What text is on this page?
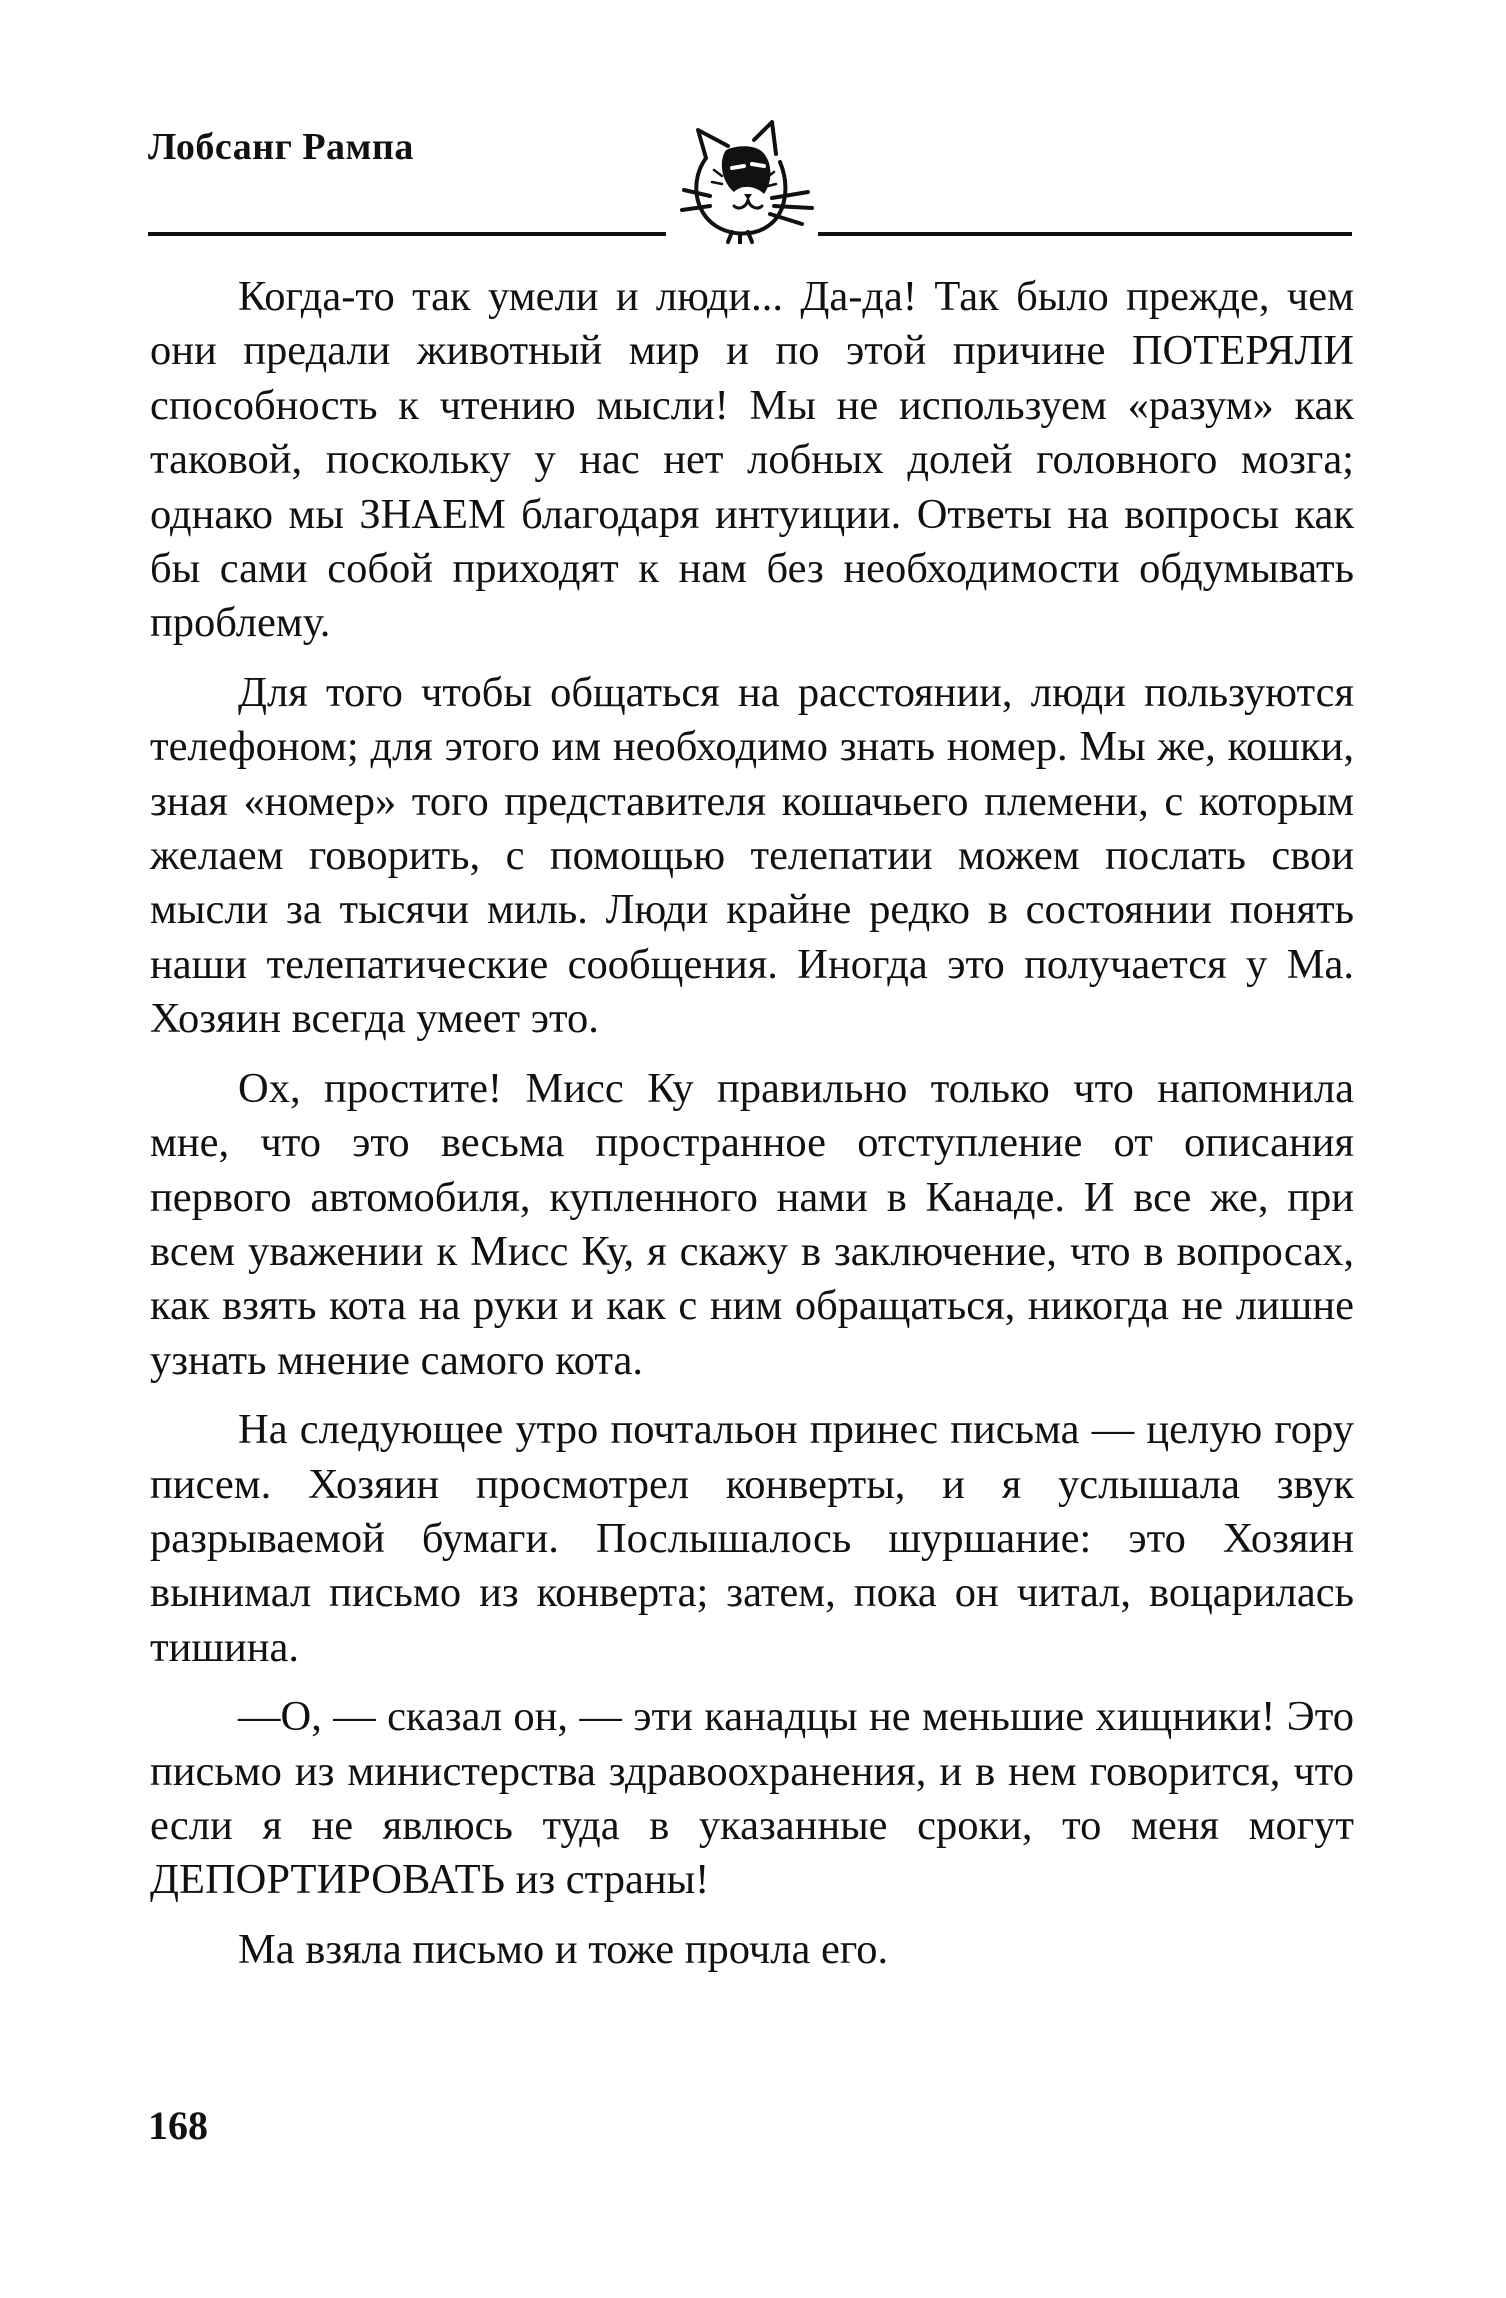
Лобсанг Рампа

Когда-то так умели и люди... Да-да! Так было прежде, чем они предали животный мир и по этой причине ПОТЕРЯЛИ способность к чтению мысли! Мы не используем «разум» как таковой, поскольку у нас нет лобных долей головного мозга; однако мы ЗНАЕМ благодаря интуиции. Ответы на вопросы как бы сами собой приходят к нам без необходимости обдумывать проблему.

Для того чтобы общаться на расстоянии, люди пользуются телефоном; для этого им необходимо знать номер. Мы же, кошки, зная «номер» того представителя кошачьего племени, с которым желаем говорить, с помощью телепатии можем послать свои мысли за тысячи миль. Люди крайне редко в состоянии понять наши телепатические сообщения. Иногда это получается у Ма. Хозяин всегда умеет это.

Ох, простите! Мисс Ку правильно только что напомнила мне, что это весьма пространное отступление от описания первого автомобиля, купленного нами в Канаде. И все же, при всем уважении к Мисс Ку, я скажу в заключение, что в вопросах, как взять кота на руки и как с ним обращаться, никогда не лишне узнать мнение самого кота.

На следующее утро почтальон принес письма — целую гору писем. Хозяин просмотрел конверты, и я услышала звук разрываемой бумаги. Послышалось шуршание: это Хозяин вынимал письмо из конверта; затем, пока он читал, воцарилась тишина.

—О, — сказал он, — эти канадцы не меньшие хищники! Это письмо из министерства здравоохранения, и в нем говорится, что если я не явлюсь туда в указанные сроки, то меня могут ДЕПОРТИРОВАТЬ из страны!

Ма взяла письмо и тоже прочла его.

168
